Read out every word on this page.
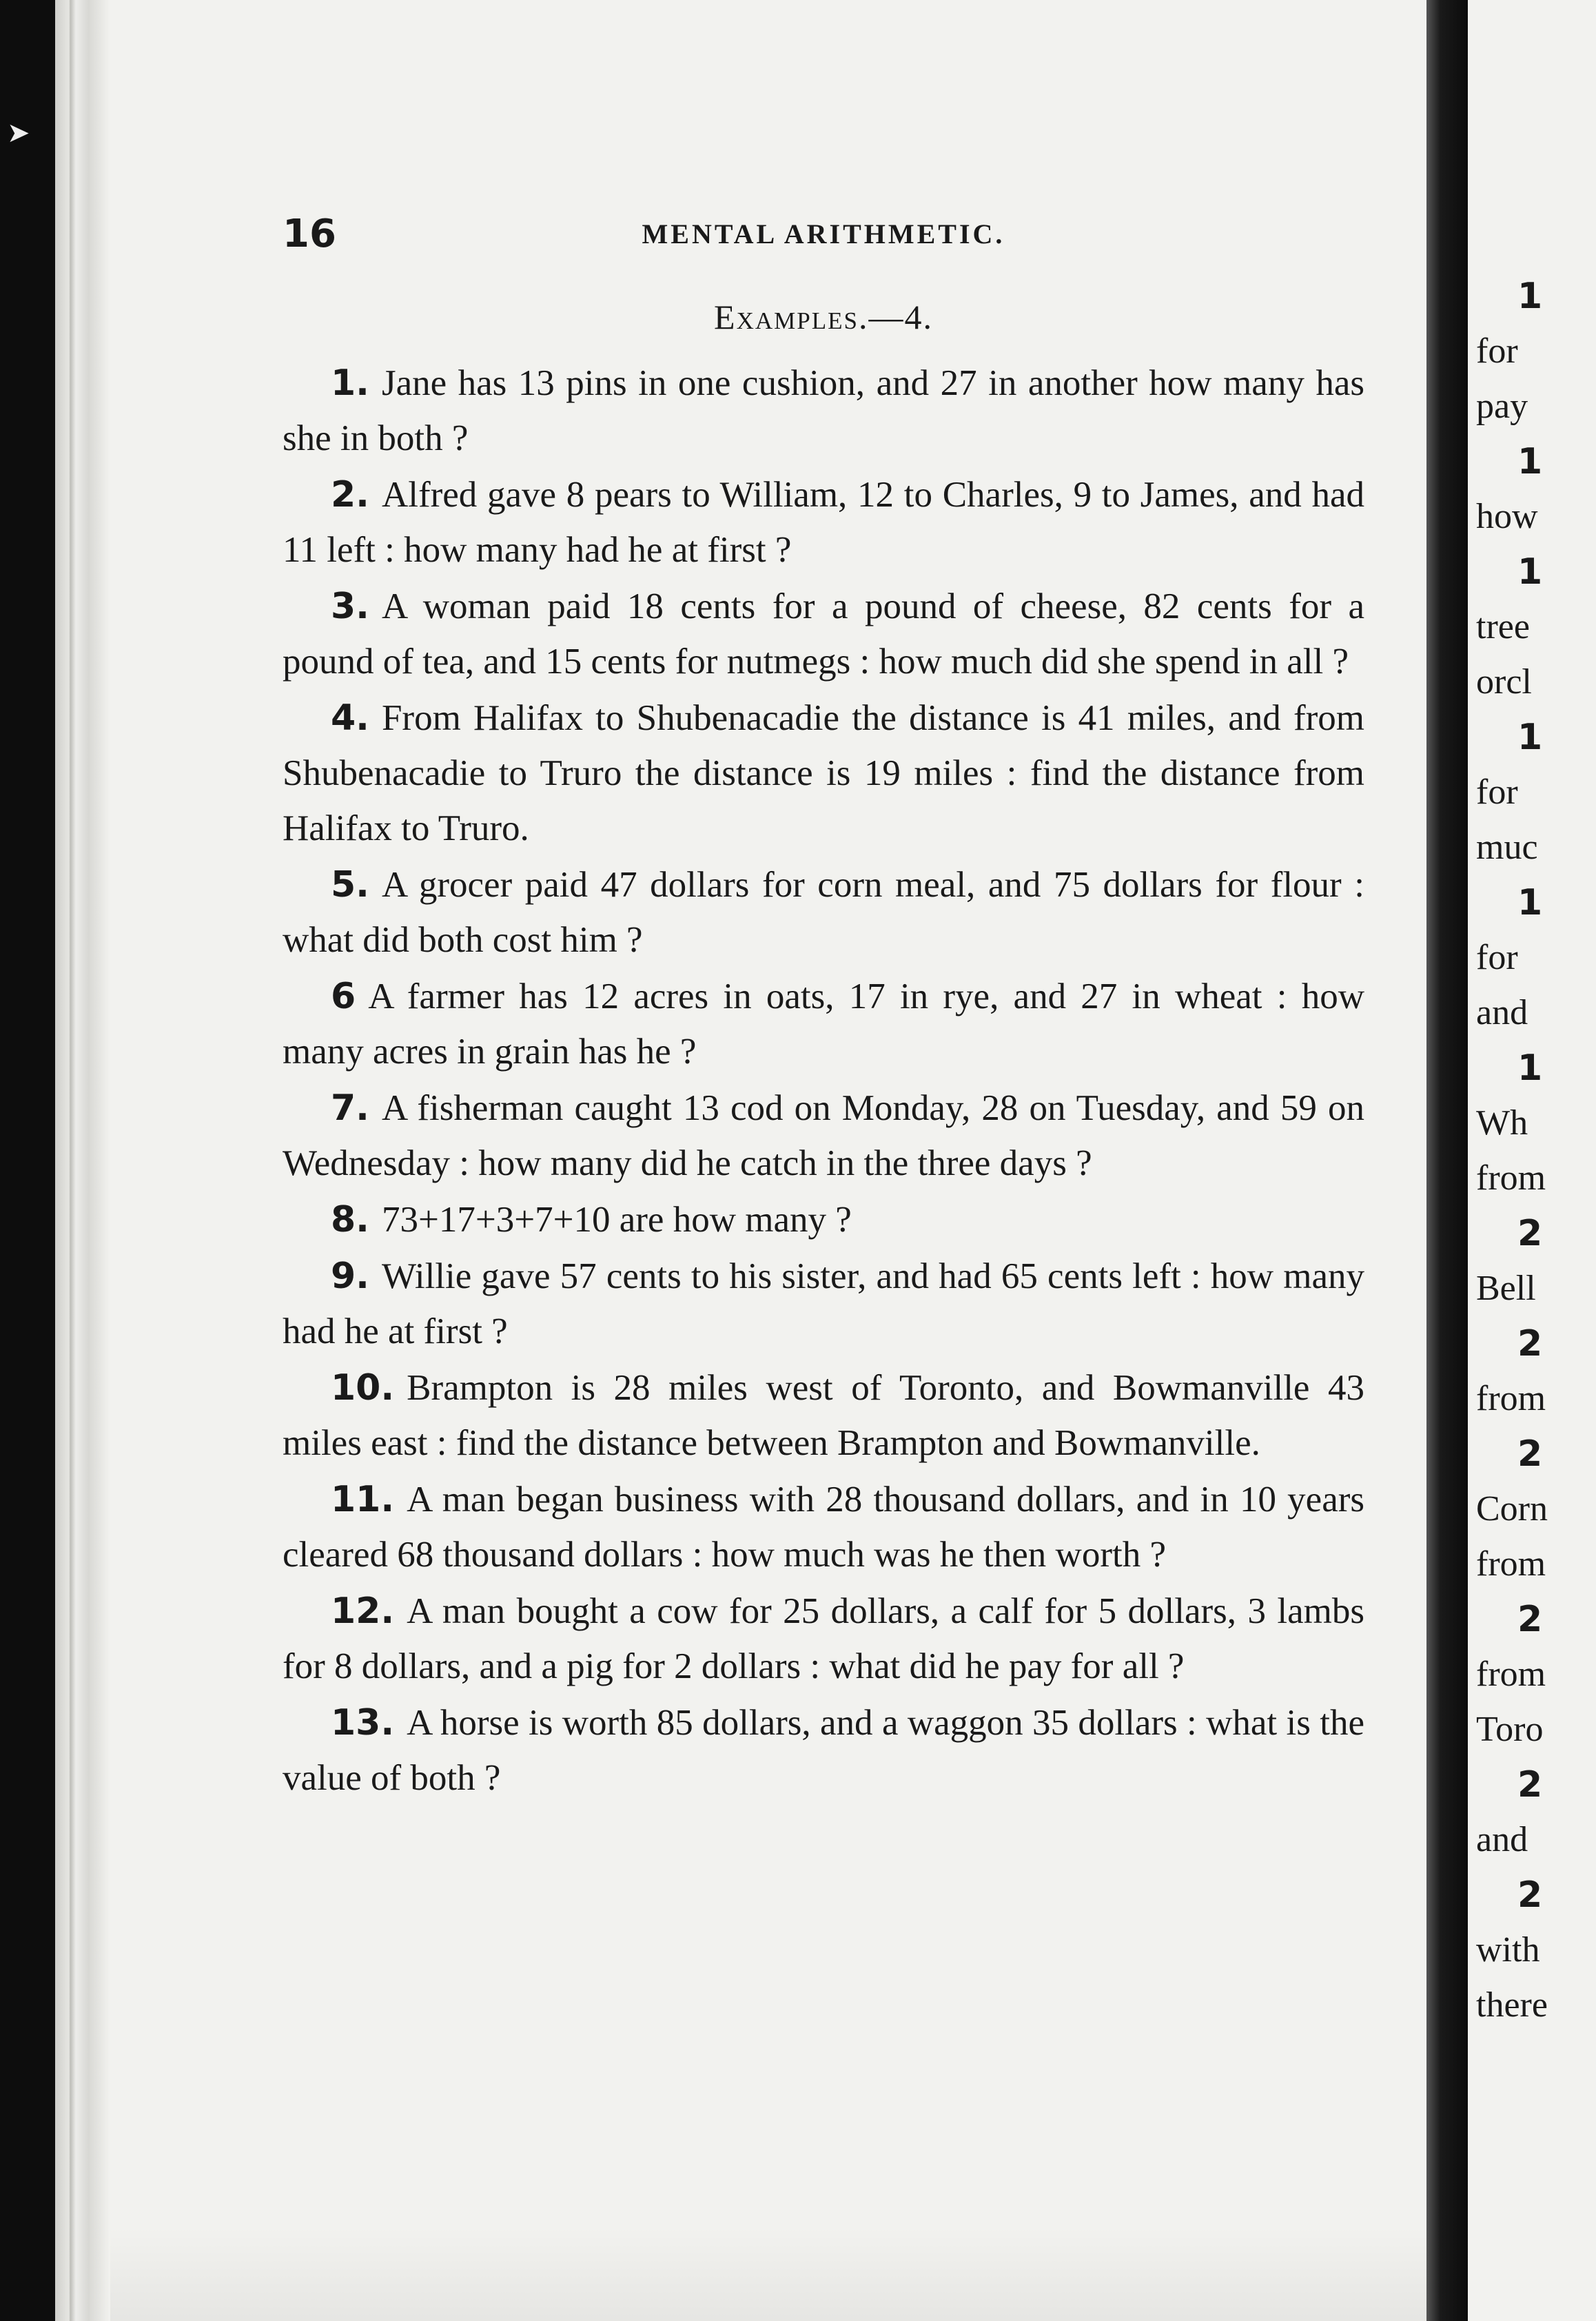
➤
16	MENTAL ARITHMETIC.
Examples.—4.
1. Jane has 13 pins in one cushion, and 27 in another how many has she in both ?
2. Alfred gave 8 pears to William, 12 to Charles, 9 to James, and had 11 left : how many had he at first ?
3. A woman paid 18 cents for a pound of cheese, 82 cents for a pound of tea, and 15 cents for nutmegs : how much did she spend in all ?
4. From Halifax to Shubenacadie the distance is 41 miles, and from Shubenacadie to Truro the distance is 19 miles : find the distance from Halifax to Truro.
5. A grocer paid 47 dollars for corn meal, and 75 dollars for flour : what did both cost him ?
6 A farmer has 12 acres in oats, 17 in rye, and 27 in wheat : how many acres in grain has he ?
7. A fisherman caught 13 cod on Monday, 28 on Tuesday, and 59 on Wednesday : how many did he catch in the three days ?
8. 73+17+3+7+10 are how many ?
9. Willie gave 57 cents to his sister, and had 65 cents left : how many had he at first ?
10. Brampton is 28 miles west of Toronto, and Bowmanville 43 miles east : find the distance between Brampton and Bowmanville.
11. A man began business with 28 thousand dollars, and in 10 years cleared 68 thousand dollars : how much was he then worth ?
12. A man bought a cow for 25 dollars, a calf for 5 dollars, 3 lambs for 8 dollars, and a pig for 2 dollars : what did he pay for all ?
13. A horse is worth 85 dollars, and a waggon 35 dollars : what is the value of both ?
1
for
pay
1
how
1
tree
orcl
1
for
muc
1
for
and
1
Wh
from
2
Bell
2
from
2
Corn
from
2
from
Toro
2
and
2
with
there
